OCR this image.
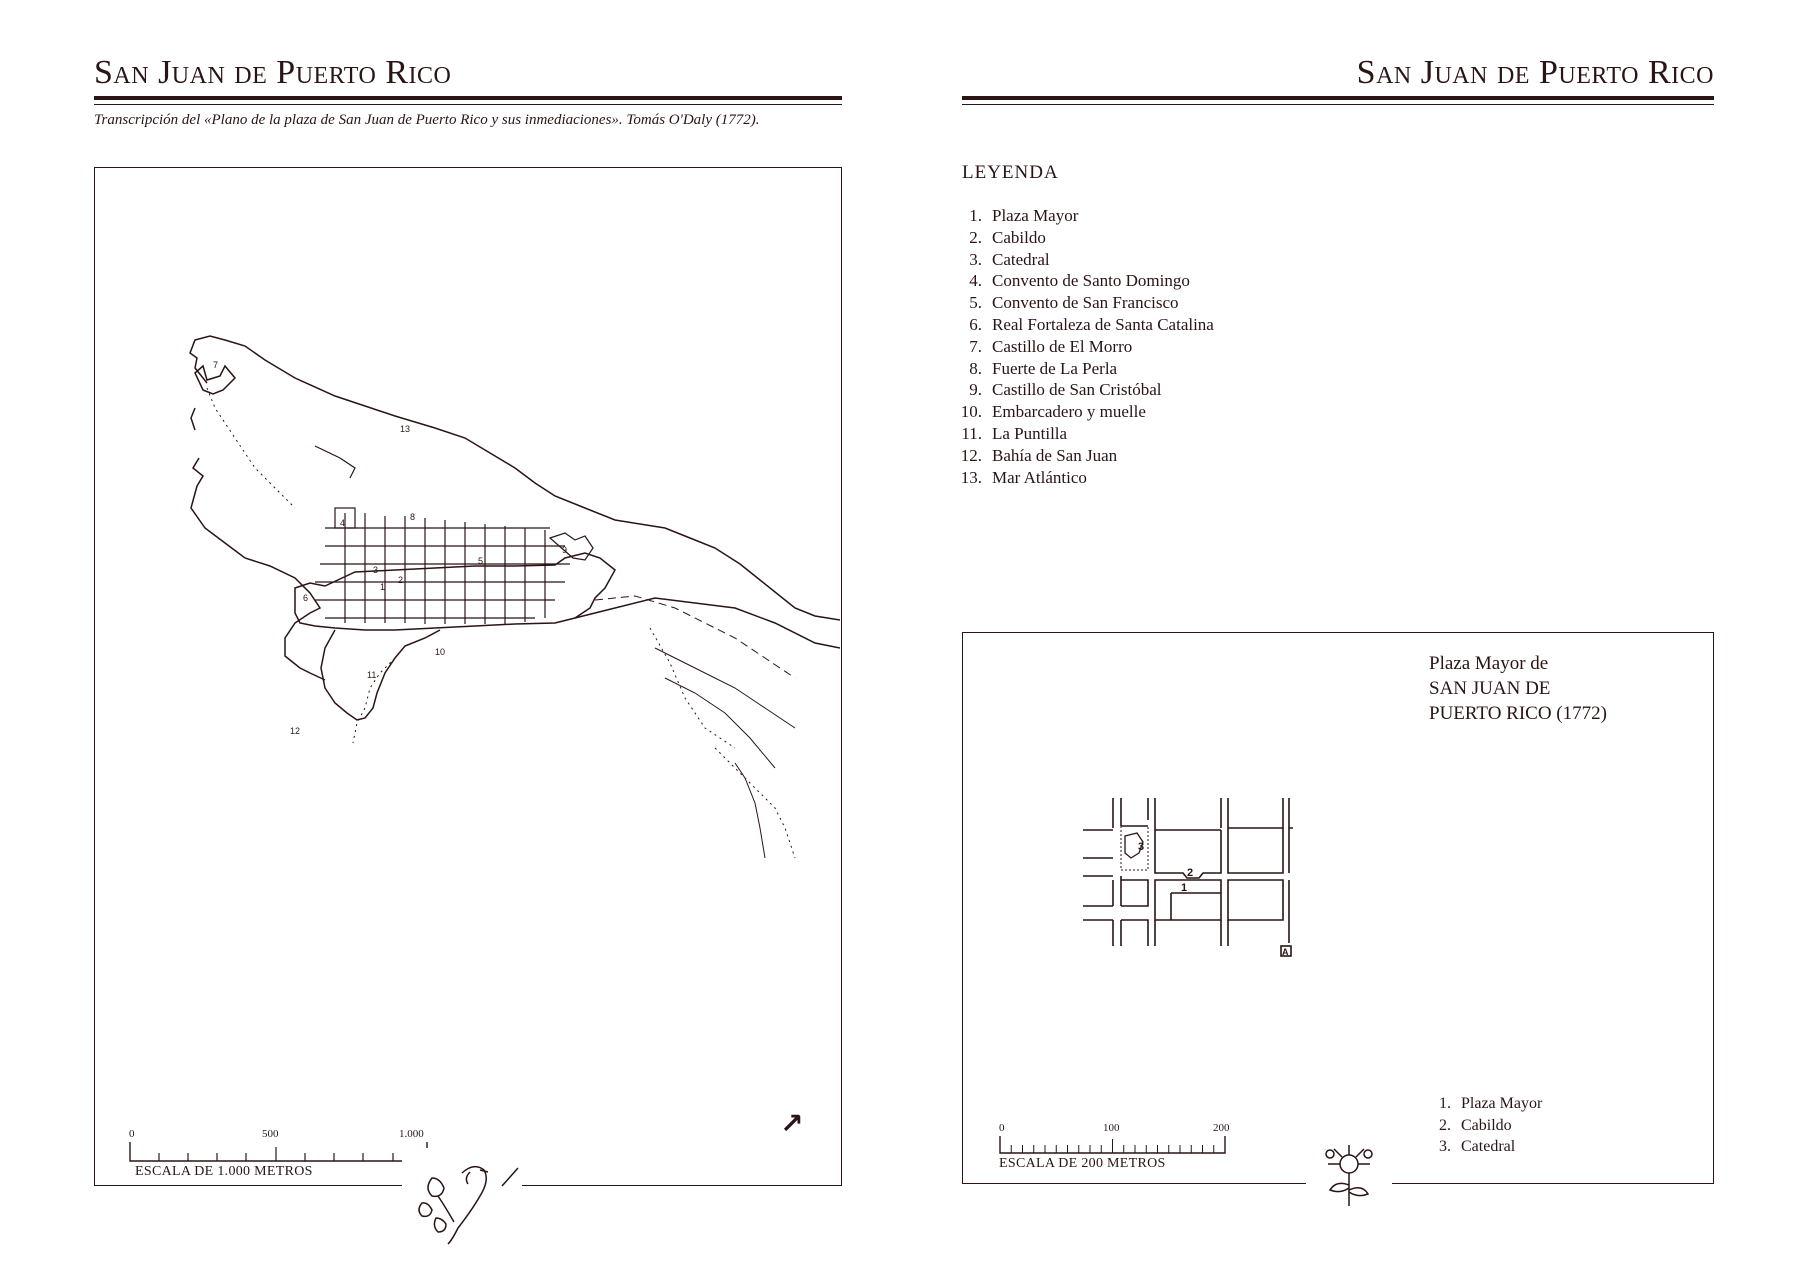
San Juan de Puerto Rico
Transcripción del «Plano de la plaza de San Juan de Puerto Rico y sus inmediaciones». Tomás O'Daly (1772).
7
13
8
4
3
2
1
5
9
6
10
11
12
↗
0	500	1.000
ESCALA DE 1.000 METROS
San Juan de Puerto Rico
LEYENDA
1. Plaza Mayor
2. Cabildo
3. Catedral
4. Convento de Santo Domingo
5. Convento de San Francisco
6. Real Fortaleza de Santa Catalina
7. Castillo de El Morro
8. Fuerte de La Perla
9. Castillo de San Cristóbal
10. Embarcadero y muelle
11. La Puntilla
12. Bahía de San Juan
13. Mar Atlántico
Plaza Mayor de
SAN JUAN DE
PUERTO RICO (1772)
3
2
1
A
1. Plaza Mayor
2. Cabildo
3. Catedral
0	100	200
ESCALA DE 200 METROS
